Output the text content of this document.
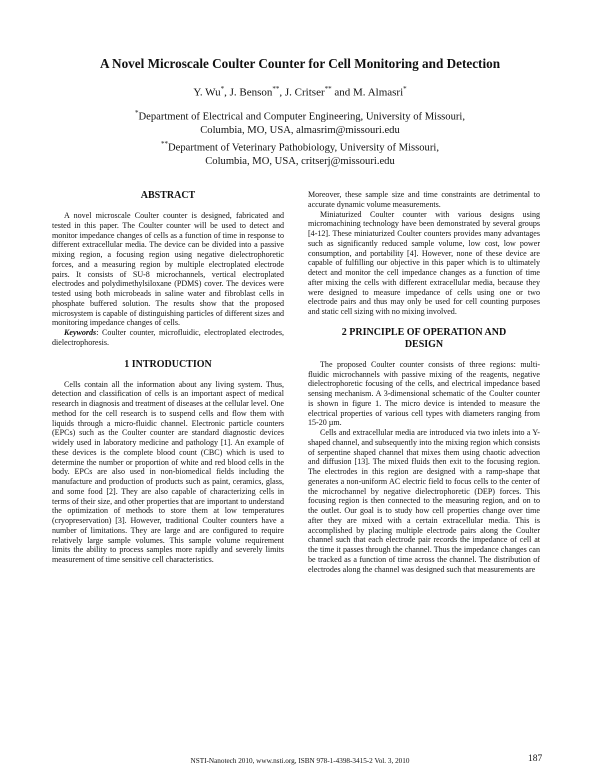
A Novel Microscale Coulter Counter for Cell Monitoring and Detection
Y. Wu*, J. Benson**, J. Critser** and M. Almasri*
*Department of Electrical and Computer Engineering, University of Missouri,
Columbia, MO, USA, almasrim@missouri.edu
**Department of Veterinary Pathobiology, University of Missouri,
Columbia, MO, USA, critserj@missouri.edu
ABSTRACT

A novel microscale Coulter counter is designed, fabricated and tested in this paper. The Coulter counter will be used to detect and monitor impedance changes of cells as a function of time in response to different extracellular media. The device can be divided into a passive mixing region, a focusing region using negative dielectrophoretic forces, and a measuring region by multiple electroplated electrode pairs. It consists of SU-8 microchannels, vertical electroplated electrodes and polydimethylsiloxane (PDMS) cover. The devices were tested using both microbeads in saline water and fibroblast cells in phosphate buffered solution. The results show that the proposed microsystem is capable of distinguishing particles of different sizes and monitoring impedance changes of cells.

Keywords: Coulter counter, microfluidic, electroplated electrodes, dielectrophoresis.

1 INTRODUCTION

Cells contain all the information about any living system. Thus, detection and classification of cells is an important aspect of medical research in diagnosis and treatment of diseases at the cellular level. One method for the cell research is to suspend cells and flow them with liquids through a micro-fluidic channel. Electronic particle counters (EPCs) such as the Coulter counter are standard diagnostic devices widely used in laboratory medicine and pathology [1]. An example of these devices is the complete blood count (CBC) which is used to determine the number or proportion of white and red blood cells in the body. EPCs are also used in non-biomedical fields including the manufacture and production of products such as paint, ceramics, glass, and some food [2]. They are also capable of characterizing cells in terms of their size, and other properties that are important to understand the optimization of methods to store them at low temperatures (cryopreservation) [3]. However, traditional Coulter counters have a number of limitations. They are large and are configured to require relatively large sample volumes. This sample volume requirement limits the ability to process samples more rapidly and severely limits measurement of time sensitive cell characteristics.

Moreover, these sample size and time constraints are detrimental to accurate dynamic volume measurements.

Miniaturized Coulter counter with various designs using micromachining technology have been demonstrated by several groups [4-12]. These miniaturized Coulter counters provides many advantages such as significantly reduced sample volume, low cost, low power consumption, and portability [4]. However, none of these device are capable of fulfilling our objective in this paper which is to ultimately detect and monitor the cell impedance changes as a function of time after mixing the cells with different extracellular media, because they were designed to measure impedance of cells using one or two electrode pairs and thus may only be used for cell counting purposes and static cell sizing with no mixing involved.

2 PRINCIPLE OF OPERATION AND
DESIGN

The proposed Coulter counter consists of three regions: multi-fluidic microchannels with passive mixing of the reagents, negative dielectrophoretic focusing of the cells, and electrical impedance based sensing mechanism. A 3-dimensional schematic of the Coulter counter is shown in figure 1. The micro device is intended to measure the electrical properties of various cell types with diameters ranging from 15-20 µm.

Cells and extracellular media are introduced via two inlets into a Y-shaped channel, and subsequently into the mixing region which consists of serpentine shaped channel that mixes them using chaotic advection and diffusion [13]. The mixed fluids then exit to the focusing region. The electrodes in this region are designed with a ramp-shape that generates a non-uniform AC electric field to focus cells to the center of the microchannel by negative dielectrophoretic (DEP) forces. This focusing region is then connected to the measuring region, and on to the outlet. Our goal is to study how cell properties change over time after they are mixed with a certain extracellular media. This is accomplished by placing multiple electrode pairs along the Coulter channel such that each electrode pair records the impedance of cell at the time it passes through the channel. Thus the impedance changes can be tracked as a function of time across the channel. The distribution of electrodes along the channel was designed such that measurements are

NSTI-Nanotech 2010, www.nsti.org, ISBN 978-1-4398-3415-2 Vol. 3, 2010	187
